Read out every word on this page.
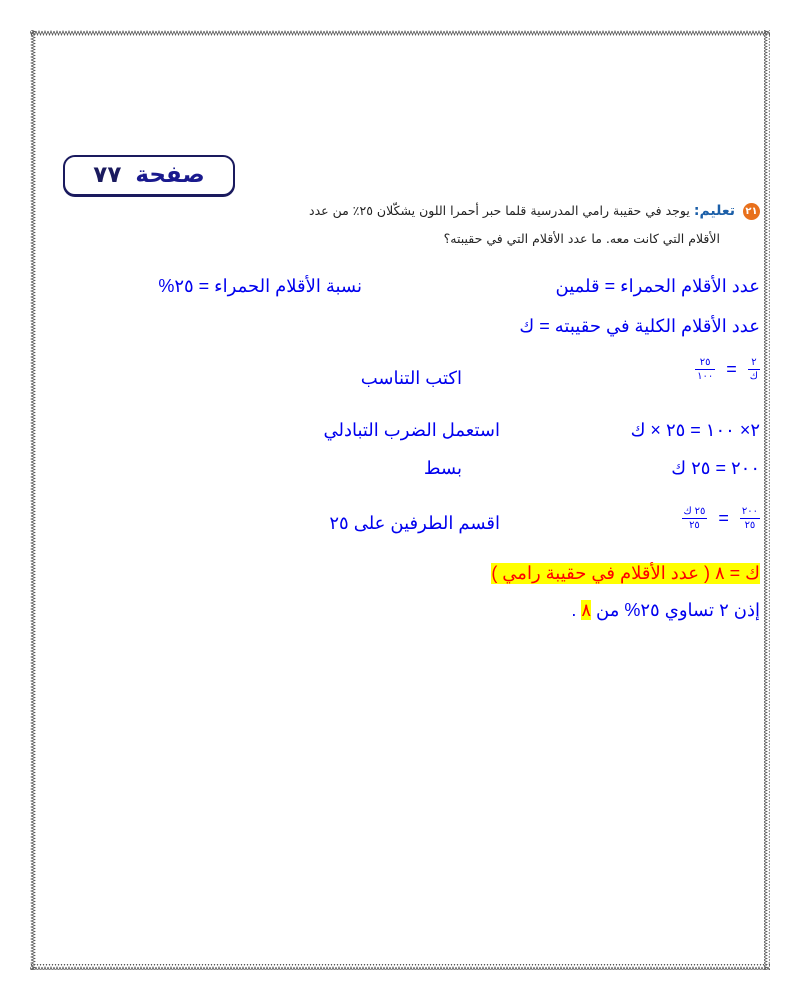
صفحة ٧٧
٢١ تعليم: يوجد في حقيبة رامي المدرسية قلما حبر أحمرا اللون يشكّلان ٢٥٪ من عدد
الأقلام التي كانت معه. ما عدد الأقلام التي في حقيبته؟
عدد الأقلام الحمراء = قلمين
نسبة الأقلام الحمراء = ٢٥%
عدد الأقلام الكلية في حقيبته = ك
$\frac{٢}{\text{ك}}$
=
$\frac{٢٥}{١٠٠}$
اكتب التناسب
٢× ١٠٠ = ٢٥ × ك
استعمل الضرب التبادلي
٢٠٠ = ٢٥ ك
بسط
$\frac{٢٠٠}{٢٥}$
=
$\frac{\text{٢٥ ك}}{٢٥}$
اقسم الطرفين على ٢٥
ك = ٨ ( عدد الأقلام في حقيبة رامي )
إذن ٢ تساوي ٢٥% من ٨ .
